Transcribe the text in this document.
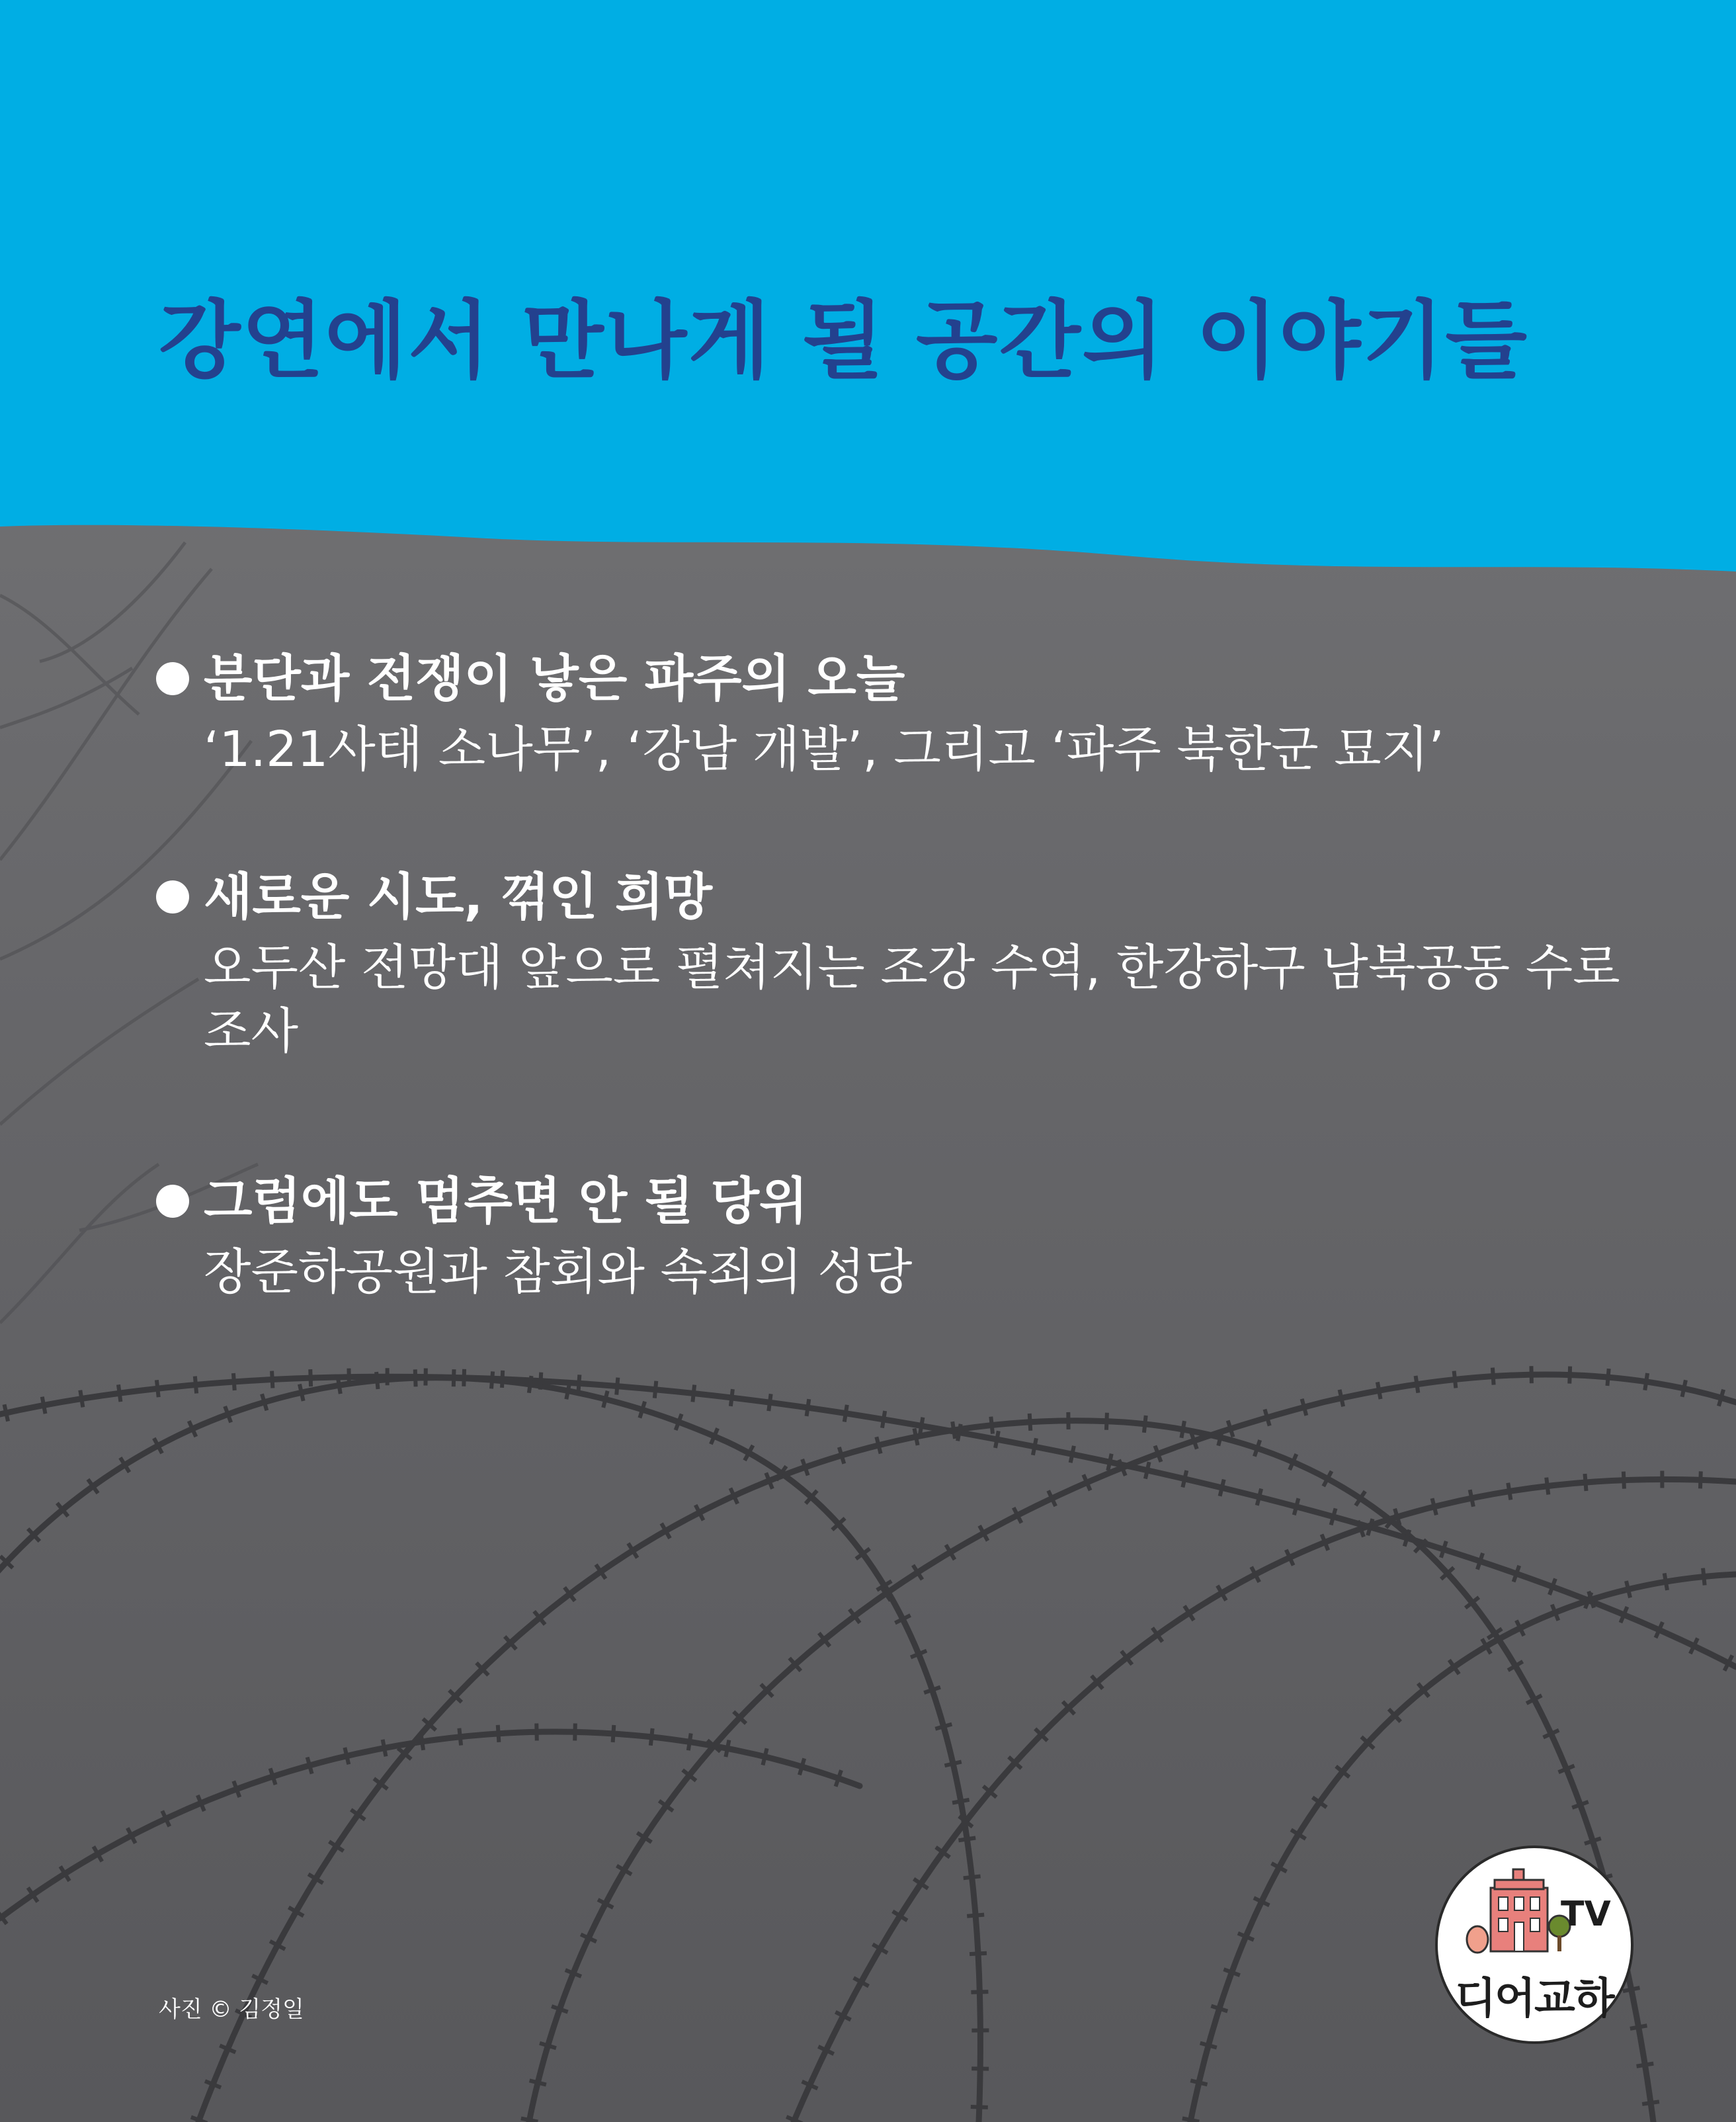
강연에서 만나게 될 공간의 이야기들
분단과 전쟁이 낳은 파주의 오늘
‘1.21사태 소나무’, ‘강남 개발’, 그리고 ‘파주 북한군 묘지’
새로운 시도, 꺾인 희망
오두산 전망대 앞으로 펼쳐지는 조강 수역, 한강하구 남북공동 수로조사
그럼에도 멈추면 안 될 당위
장준하공원과 참회와 속죄의 성당
사진 © 김정일
TV
디어교하
